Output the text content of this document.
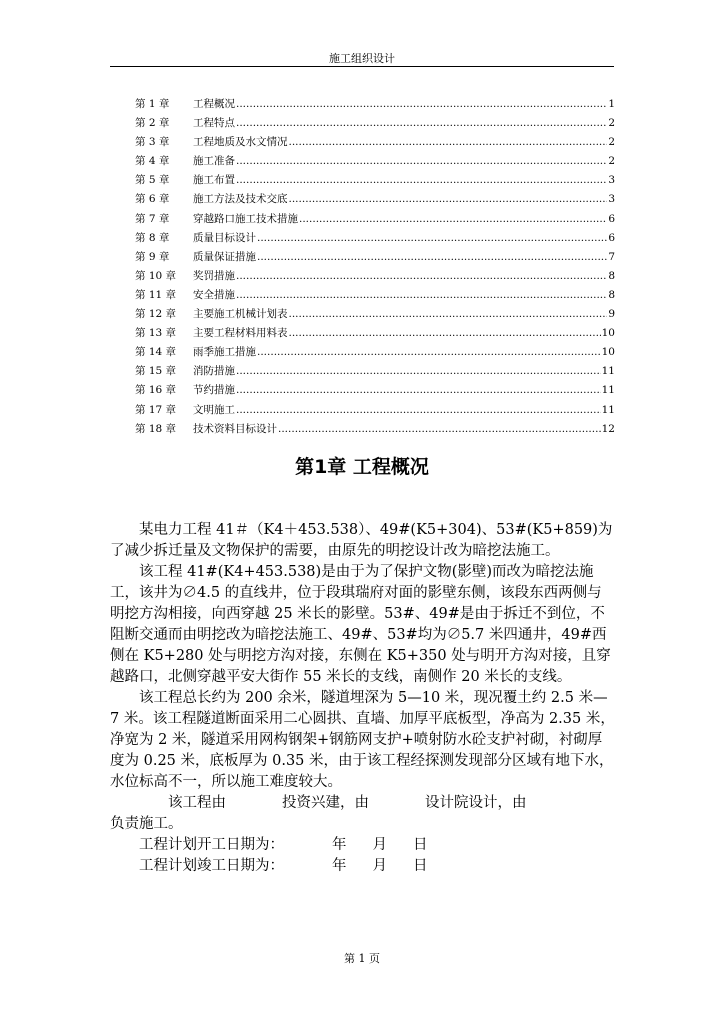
施工组织设计
第 1 章	工程概况 .....	1
第 2 章	工程特点 .....	2
第 3 章	工程地质及水文情况 .....	2
第 4 章	施工准备 .....	2
第 5 章	施工布置 .....	3
第 6 章	施工方法及技术交底 .....	3
第 7 章	穿越路口施工技术措施 .....	6
第 8 章	质量目标设计 .....	6
第 9 章	质量保证措施 .....	7
第 10 章	奖罚措施 .....	8
第 11 章	安全措施 .....	8
第 12 章	主要施工机械计划表 .....	9
第 13 章	主要工程材料用料表 .....	10
第 14 章	雨季施工措施 .....	10
第 15 章	消防措施 .....	11
第 16 章	节约措施 .....	11
第 17 章	文明施工 .....	11
第 18 章	技术资料目标设计 .....	12
第1章 工程概况

某电力工程 41＃（K4＋453.538）、49#(K5+304)、53#(K5+859)为了减少拆迁量及文物保护的需要，由原先的明挖设计改为暗挖法施工。

该工程 41#(K4+453.538)是由于为了保护文物(影壁)而改为暗挖法施工，该井为∅4.5 的直线井，位于段琪瑞府对面的影壁东侧，该段东西两侧与明挖方沟相接，向西穿越 25 米长的影壁。53#、49#是由于拆迁不到位，不阻断交通而由明挖改为暗挖法施工、49#、53#均为∅5.7 米四通井，49#西侧在 K5+280 处与明挖方沟对接，东侧在 K5+350 处与明开方沟对接，且穿越路口，北侧穿越平安大街作 55 米长的支线，南侧作 20 米长的支线。

该工程总长约为 200 余米，隧道埋深为 5—10 米，现况覆土约 2.5 米—7 米。该工程隧道断面采用二心圆拱、直墙、加厚平底板型，净高为 2.35 米，净宽为 2 米，隧道采用网构钢架+钢筋网支护+喷射防水砼支护衬砌，衬砌厚度为 0.25 米，底板厚为 0.35 米，由于该工程经探测发现部分区域有地下水，水位标高不一，所以施工难度较大。

该工程由	投资兴建，由	设计院设计，由

负责施工。

工程计划开工日期为：	年 月 日

工程计划竣工日期为：	年 月 日

第 1 页
